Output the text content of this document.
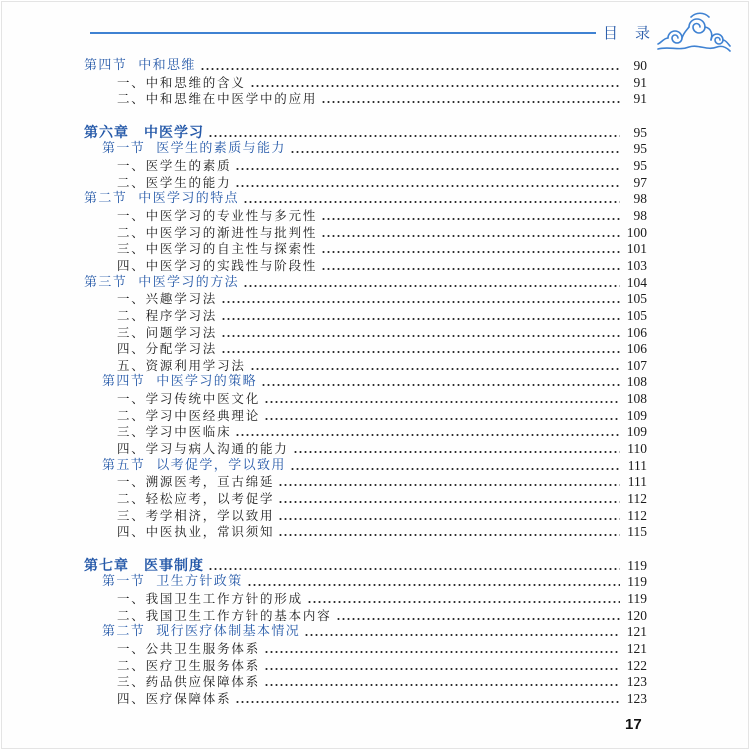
目录
第四节 中和思维	90
一、中和思维的含义	91
二、中和思维在中医学中的应用	91
第六章 中医学习	95
第一节 医学生的素质与能力	95
一、医学生的素质	95
二、医学生的能力	97
第二节 中医学习的特点	98
一、中医学习的专业性与多元性	98
二、中医学习的渐进性与批判性	100
三、中医学习的自主性与探索性	101
四、中医学习的实践性与阶段性	103
第三节 中医学习的方法	104
一、兴趣学习法	105
二、程序学习法	105
三、问题学习法	106
四、分配学习法	106
五、资源利用学习法	107
第四节 中医学习的策略	108
一、学习传统中医文化	108
二、学习中医经典理论	109
三、学习中医临床	109
四、学习与病人沟通的能力	110
第五节 以考促学，学以致用	111
一、溯源医考，亘古绵延	111
二、轻松应考，以考促学	112
三、考学相济，学以致用	112
四、中医执业，常识须知	115
第七章 医事制度	119
第一节 卫生方针政策	119
一、我国卫生工作方针的形成	119
二、我国卫生工作方针的基本内容	120
第二节 现行医疗体制基本情况	121
一、公共卫生服务体系	121
二、医疗卫生服务体系	122
三、药品供应保障体系	123
四、医疗保障体系	123
17
